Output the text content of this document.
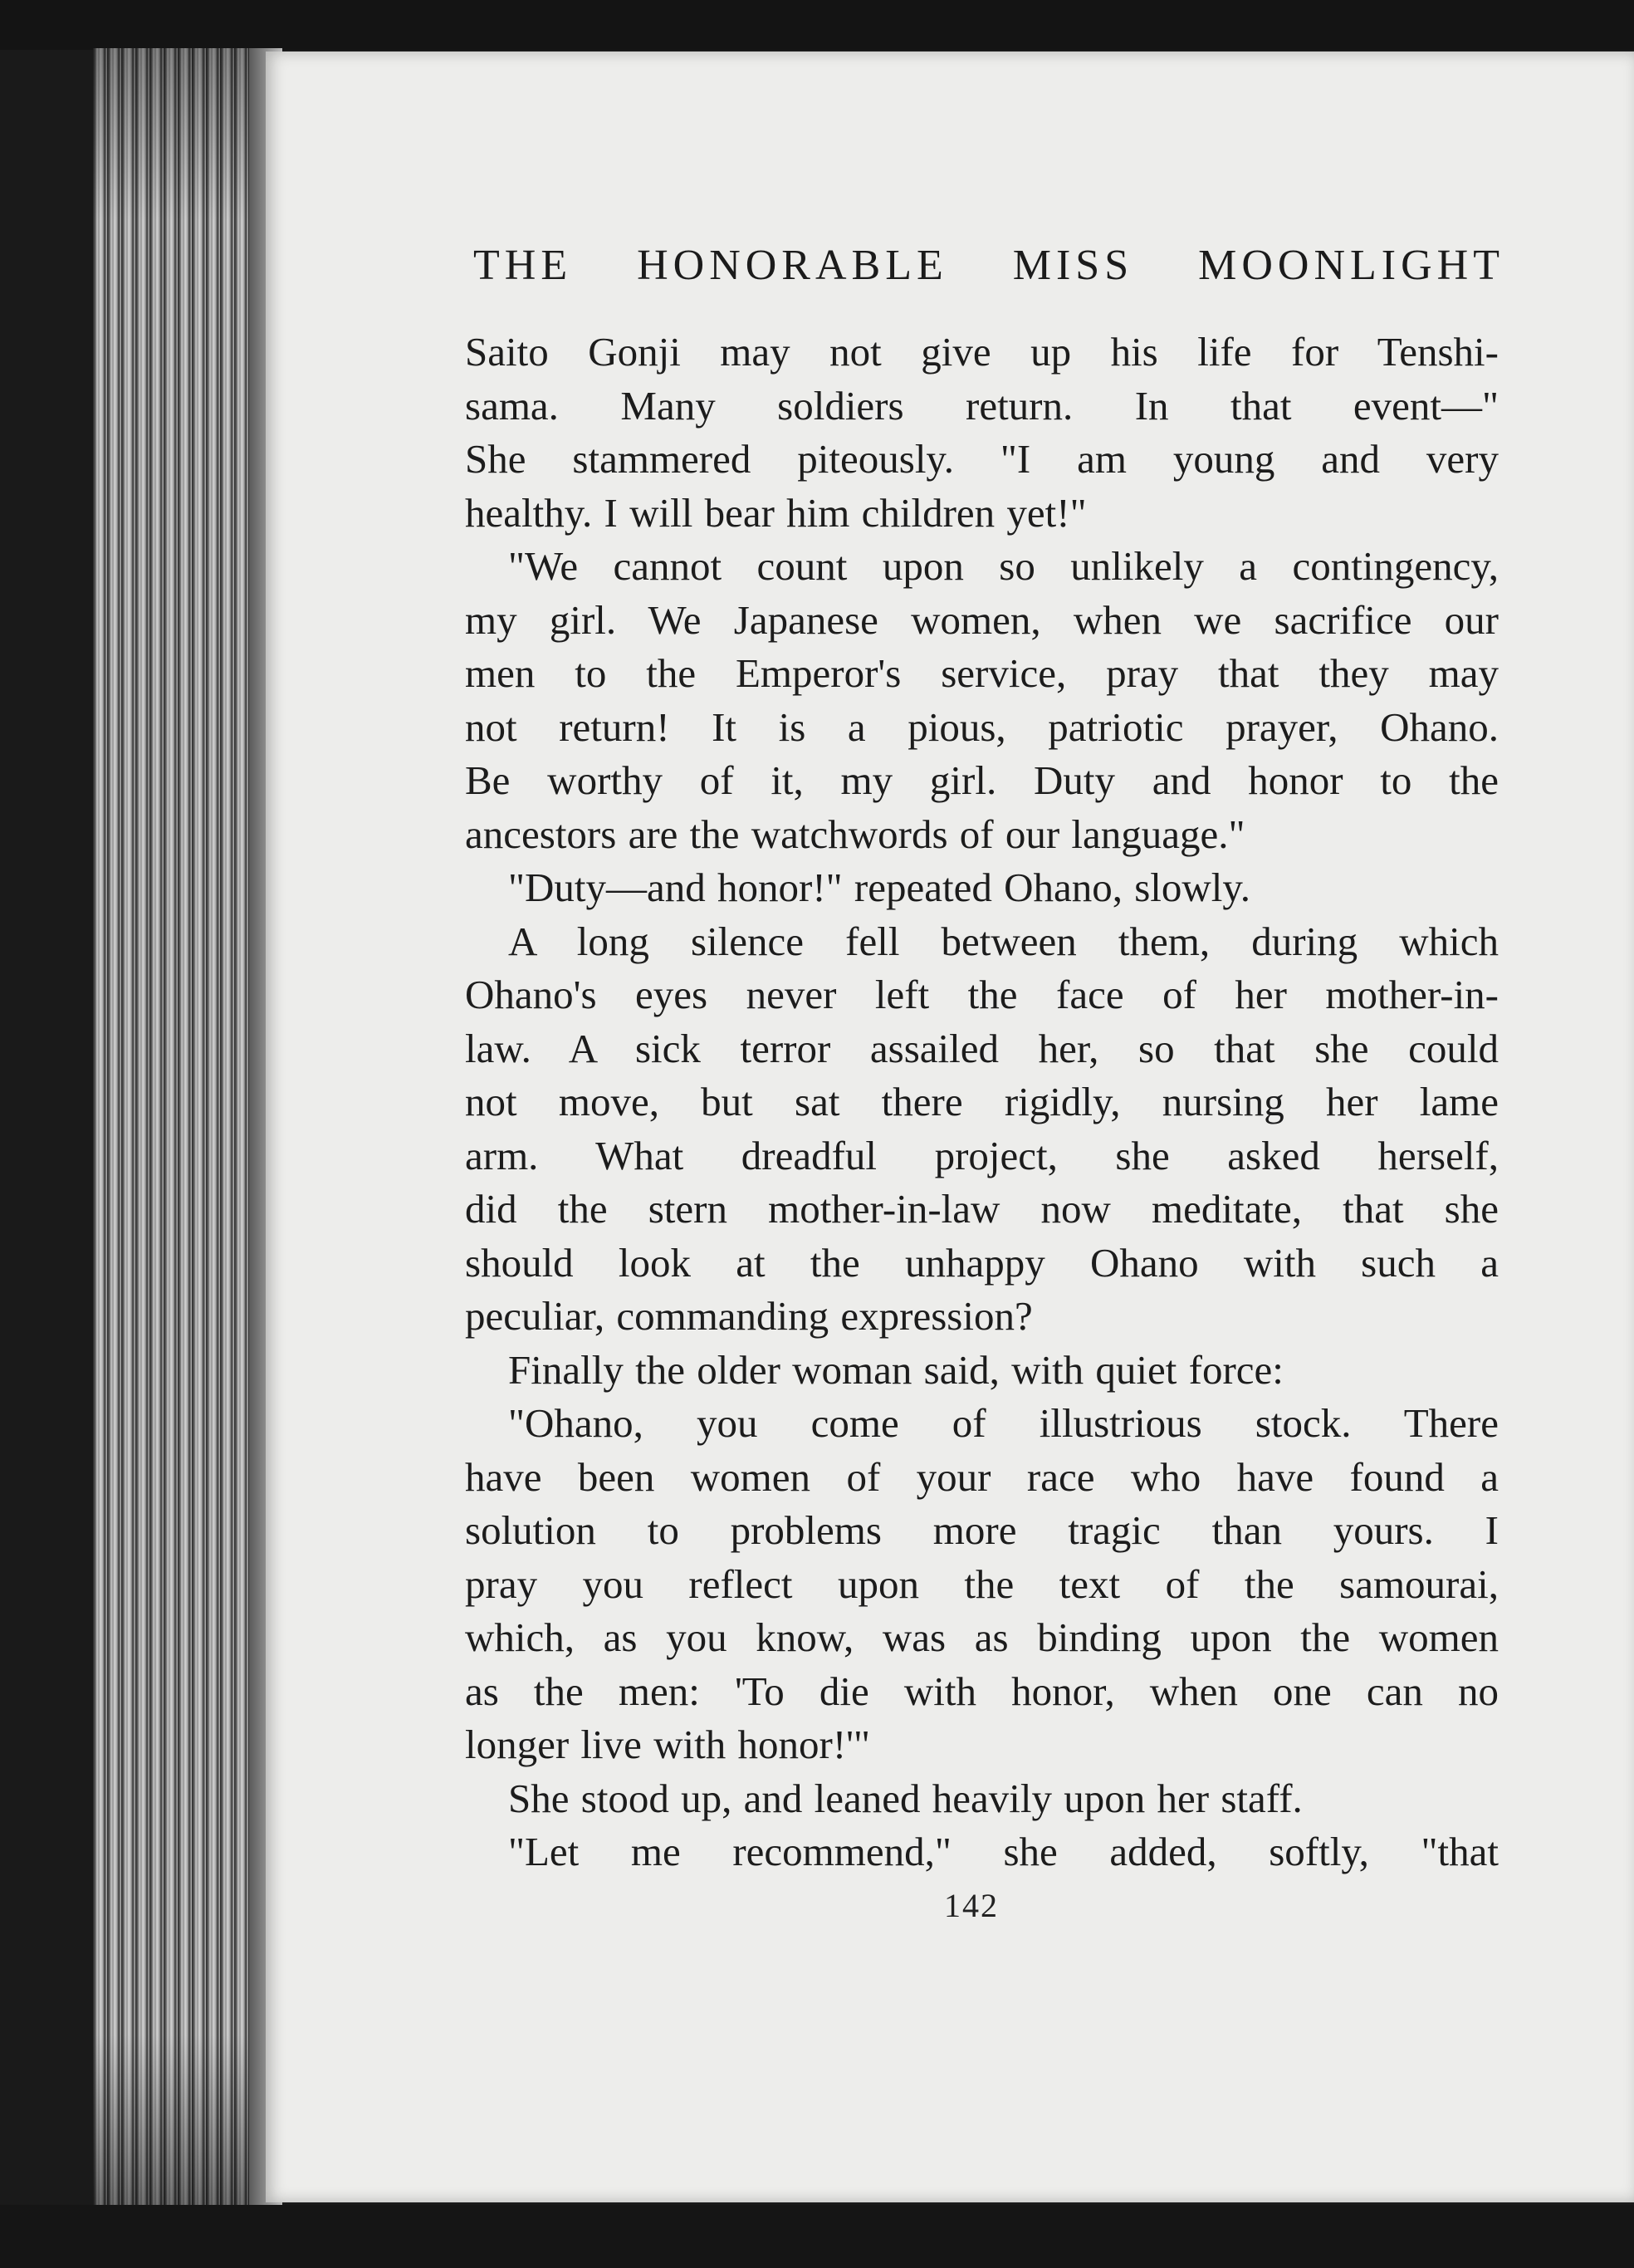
THE HONORABLE MISS MOONLIGHT
Saito Gonji may not give up his life for Tenshi-
sama. Many soldiers return. In that event—"
She stammered piteously. "I am young and very
healthy. I will bear him children yet!"
"We cannot count upon so unlikely a contingency,
my girl. We Japanese women, when we sacrifice our
men to the Emperor's service, pray that they may
not return! It is a pious, patriotic prayer, Ohano.
Be worthy of it, my girl. Duty and honor to the
ancestors are the watchwords of our language."
"Duty—and honor!" repeated Ohano, slowly.
A long silence fell between them, during which
Ohano's eyes never left the face of her mother-in-
law. A sick terror assailed her, so that she could
not move, but sat there rigidly, nursing her lame
arm. What dreadful project, she asked herself,
did the stern mother-in-law now meditate, that she
should look at the unhappy Ohano with such a
peculiar, commanding expression?
Finally the older woman said, with quiet force:
"Ohano, you come of illustrious stock. There
have been women of your race who have found a
solution to problems more tragic than yours. I
pray you reflect upon the text of the samourai,
which, as you know, was as binding upon the women
as the men: 'To die with honor, when one can no
longer live with honor!'"
She stood up, and leaned heavily upon her staff.
"Let me recommend," she added, softly, "that
142
